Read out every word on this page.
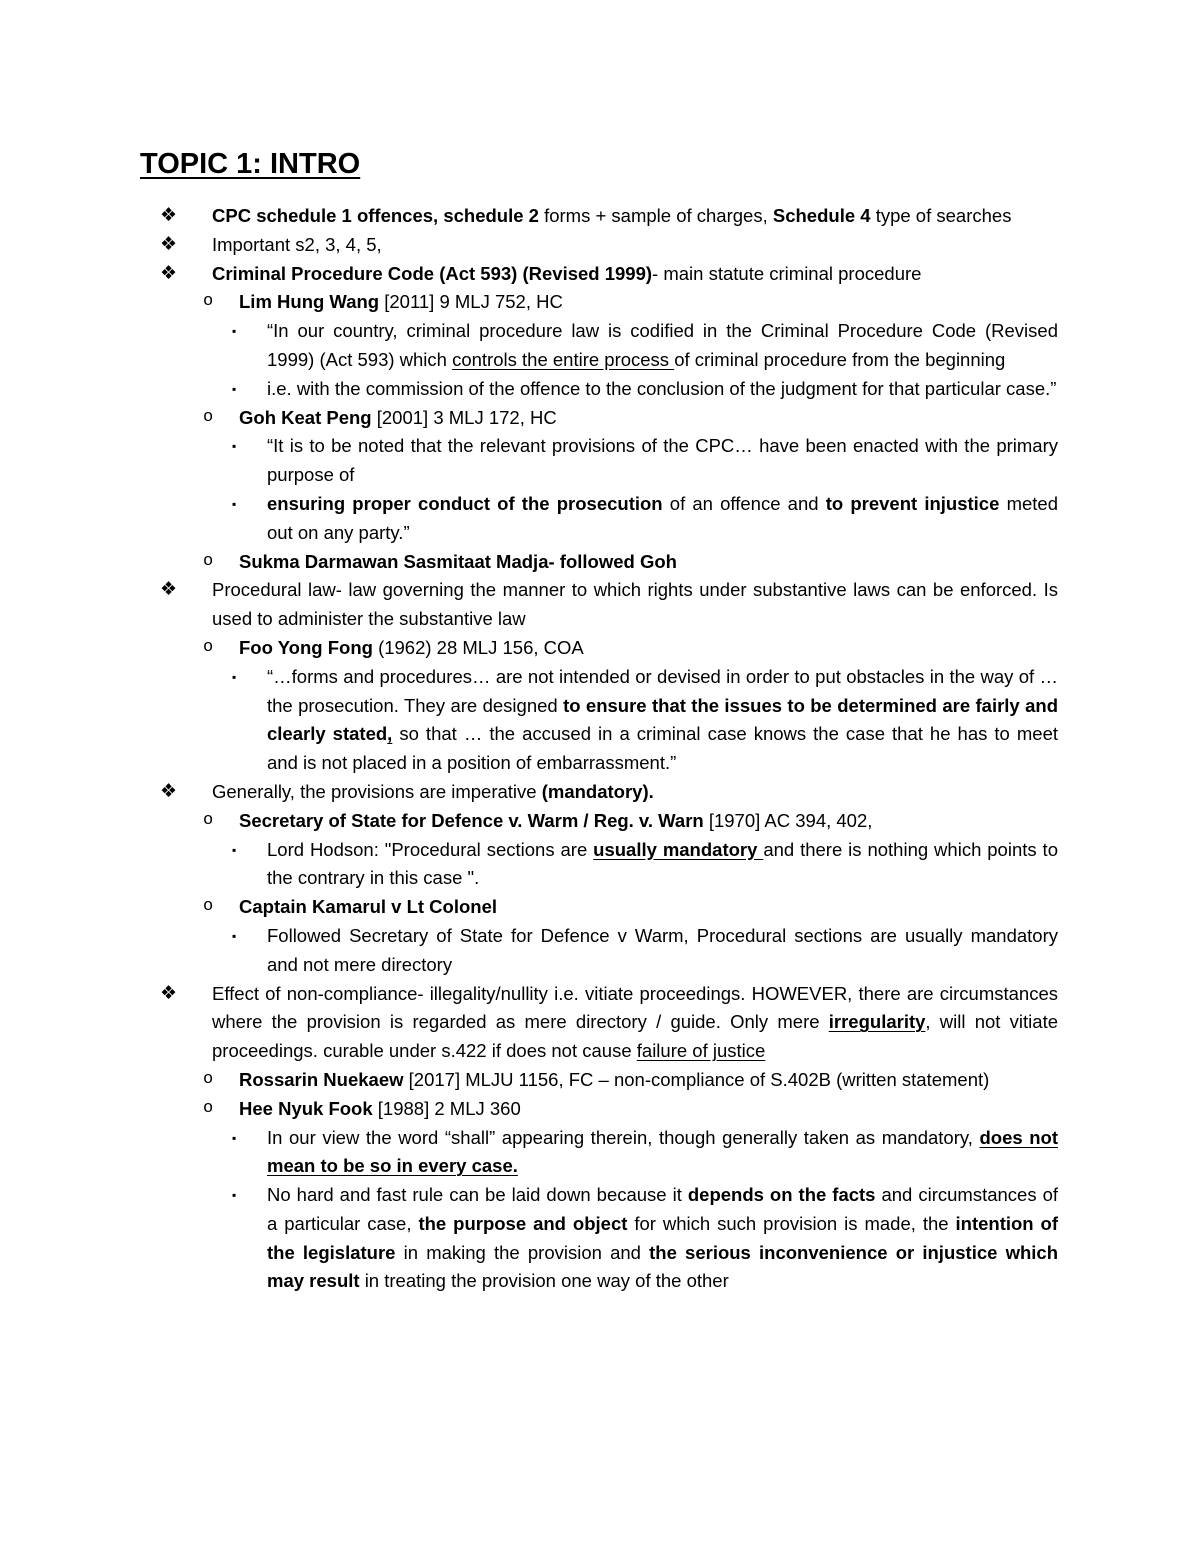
TOPIC 1: INTRO
❖ CPC schedule 1 offences, schedule 2 forms + sample of charges, Schedule 4 type of searches
❖ Important s2, 3, 4, 5,
❖ Criminal Procedure Code (Act 593) (Revised 1999)- main statute criminal procedure
o	Lim Hung Wang [2011] 9 MLJ 752, HC
▪	“In our country, criminal procedure law is codified in the Criminal Procedure Code (Revised 1999) (Act 593) which controls the entire process of criminal procedure from the beginning
▪	i.e. with the commission of the offence to the conclusion of the judgment for that particular case.”
o	Goh Keat Peng [2001] 3 MLJ 172, HC
▪	“It is to be noted that the relevant provisions of the CPC… have been enacted with the primary purpose of
▪	ensuring proper conduct of the prosecution of an offence and to prevent injustice meted out on any party.”
o	Sukma Darmawan Sasmitaat Madja- followed Goh
❖ Procedural law- law governing the manner to which rights under substantive laws can be enforced. Is used to administer the substantive law
o	Foo Yong Fong (1962) 28 MLJ 156, COA
▪	“…forms and procedures… are not intended or devised in order to put obstacles in the way of …the prosecution. They are designed to ensure that the issues to be determined are fairly and clearly stated, so that … the accused in a criminal case knows the case that he has to meet and is not placed in a position of embarrassment.”
❖ Generally, the provisions are imperative (mandatory).
o	Secretary of State for Defence v. Warm / Reg. v. Warn [1970] AC 394, 402,
▪	Lord Hodson: "Procedural sections are usually mandatory and there is nothing which points to the contrary in this case ".
o	Captain Kamarul v Lt Colonel
▪	Followed Secretary of State for Defence v Warm, Procedural sections are usually mandatory and not mere directory
❖ Effect of non-compliance- illegality/nullity i.e. vitiate proceedings. HOWEVER, there are circumstances where the provision is regarded as mere directory / guide. Only mere irregularity, will not vitiate proceedings. curable under s.422 if does not cause failure of justice
o	Rossarin Nuekaew [2017] MLJU 1156, FC – non-compliance of S.402B (written statement)
o	Hee Nyuk Fook [1988] 2 MLJ 360
▪	In our view the word “shall” appearing therein, though generally taken as mandatory, does not mean to be so in every case.
▪	No hard and fast rule can be laid down because it depends on the facts and circumstances of a particular case, the purpose and object for which such provision is made, the intention of the legislature in making the provision and the serious inconvenience or injustice which may result in treating the provision one way of the other
